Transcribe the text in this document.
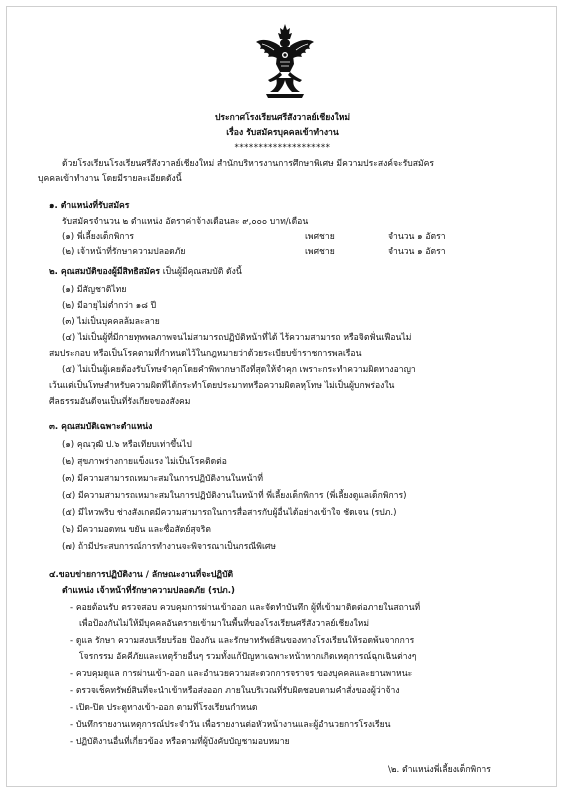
ประกาศโรงเรียนศรีสังวาลย์เชียงใหม่
เรื่อง รับสมัครบุคคลเข้าทำงาน
********************
ด้วยโรงเรียนโรงเรียนศรีสังวาลย์เชียงใหม่ สำนักบริหารงานการศึกษาพิเศษ มีความประสงค์จะรับสมัคร
บุคคลเข้าทำงาน โดยมีรายละเอียดดังนี้
๑. ตำแหน่งที่รับสมัคร
รับสมัครจำนวน ๒ ตำแหน่ง อัตราค่าจ้างเดือนละ ๙,๐๐๐ บาท/เดือน
(๑) พี่เลี้ยงเด็กพิการ	เพศชาย	จำนวน ๑ อัตรา
(๒) เจ้าหน้าที่รักษาความปลอดภัย	เพศชาย	จำนวน ๑ อัตรา
๒. คุณสมบัติของผู้มีสิทธิสมัคร เป็นผู้มีคุณสมบัติ ดังนี้
(๑) มีสัญชาติไทย
(๒) มีอายุไม่ต่ำกว่า ๑๘ ปี
(๓) ไม่เป็นบุคคลล้มละลาย
(๔) ไม่เป็นผู้ที่มีกายทุพพลภาพจนไม่สามารถปฏิบัติหน้าที่ได้ ไร้ความสามารถ หรือจิตฟั่นเฟือนไม่
สมประกอบ หรือเป็นโรคตามที่กำหนดไว้ในกฎหมายว่าด้วยระเบียบข้าราชการพลเรือน
(๕) ไม่เป็นผู้เคยต้องรับโทษจำคุกโดยคำพิพากษาถึงที่สุดให้จำคุก เพราะกระทำความผิดทางอาญา
เว้นแต่เป็นโทษสำหรับความผิดที่ได้กระทำโดยประมาทหรือความผิดลหุโทษ ไม่เป็นผู้บกพร่องใน
ศีลธรรมอันดีจนเป็นที่รังเกียจของสังคม
๓. คุณสมบัติเฉพาะตำแหน่ง
(๑) คุณวุฒิ ป.๖ หรือเทียบเท่าขึ้นไป
(๒) สุขภาพร่างกายแข็งแรง ไม่เป็นโรคติดต่อ
(๓) มีความสามารถเหมาะสมในการปฏิบัติงานในหน้าที่
(๔) มีความสามารถเหมาะสมในการปฏิบัติงานในหน้าที่ พี่เลี้ยงเด็กพิการ (พี่เลี้ยงดูแลเด็กพิการ)
(๕) มีไหวพริบ ช่างสังเกตมีความสามารถในการสื่อสารกับผู้อื่นได้อย่างเข้าใจ ชัดเจน (รปภ.)
(๖) มีความอดทน ขยัน และซื่อสัตย์สุจริต
(๗) ถ้ามีประสบการณ์การทำงานจะพิจารณาเป็นกรณีพิเศษ
๔.ขอบข่ายการปฏิบัติงาน / ลักษณะงานที่จะปฏิบัติ
ตำแหน่ง เจ้าหน้าที่รักษาความปลอดภัย (รปภ.)
- คอยต้อนรับ ตรวจสอบ ควบคุมการผ่านเข้าออก และจัดทำบันทึก ผู้ที่เข้ามาติดต่อภายในสถานที่
เพื่อป้องกันไม่ให้มีบุคคลอันตรายเข้ามาในพื้นที่ของโรงเรียนศรีสังวาลย์เชียงใหม่
- ดูแล รักษา ความสงบเรียบร้อย ป้องกัน และรักษาทรัพย์สินของทางโรงเรียนให้รอดพ้นจากการ
โจรกรรม อัคคีภัยและเหตุร้ายอื่นๆ รวมทั้งแก้ปัญหาเฉพาะหน้าหากเกิดเหตุการณ์ฉุกเฉินต่างๆ
- ควบคุมดูแล การผ่านเข้า-ออก และอำนวยความสะดวกการจราจร ของบุคคลและยานพาหนะ
- ตรวจเช็คทรัพย์สินที่จะนำเข้าหรือส่งออก ภายในบริเวณที่รับผิดชอบตามคำสั่งของผู้ว่าจ้าง
- เปิด-ปิด ประตูทางเข้า-ออก ตามที่โรงเรียนกำหนด
- บันทึกรายงานเหตุการณ์ประจำวัน เพื่อรายงานต่อหัวหน้างานและผู้อำนวยการโรงเรียน
- ปฏิบัติงานอื่นที่เกี่ยวข้อง หรือตามที่ผู้บังคับบัญชามอบหมาย
\๒. ตำแหน่งพี่เลี้ยงเด็กพิการ
